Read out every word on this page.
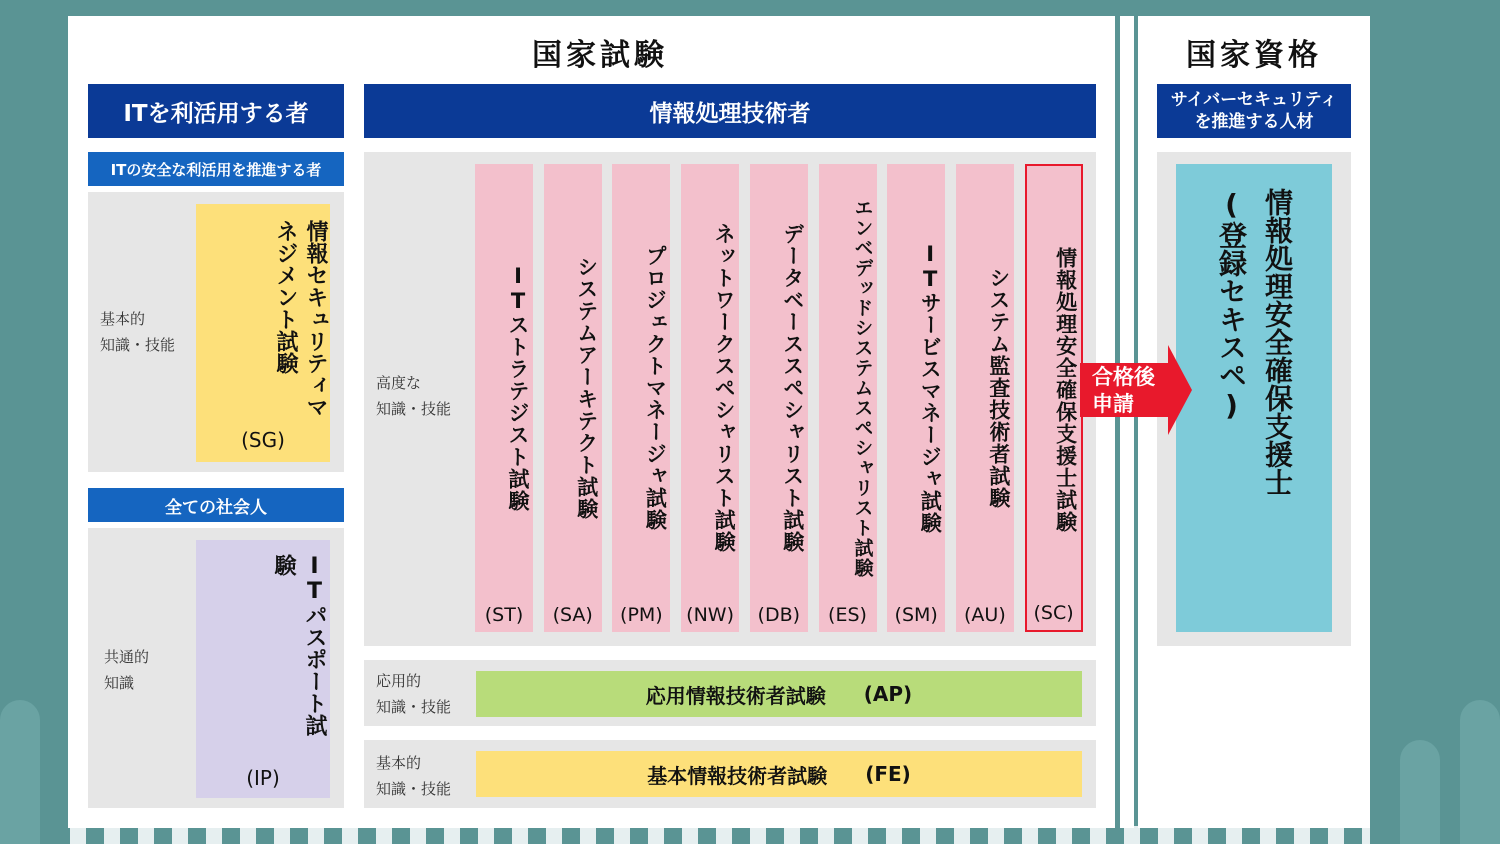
国家試験
ITを利活用する者
ITの安全な利活用を推進する者
基本的
知識・技能	情報セキュリティマネジメント試験
(SG)
全ての社会人
共通的
知識	ITパスポート試験
(IP)
情報処理技術者
高度な
知識・技能	ITストラテジスト試験
(ST)
システムアーキテクト試験
(SA)
プロジェクトマネージャ試験
(PM)
ネットワークスペシャリスト試験
(NW)
データベーススペシャリスト試験
(DB)
エンベデッドシステムスペシャリスト試験
(ES)
ITサービスマネージャ試験
(SM)
システム監査技術者試験
(AU)
情報処理安全確保支援士試験
(SC)
応用的
知識・技能	応用情報技術者試験 (AP)
基本的
知識・技能
基本情報技術者試験 (FE)
国家資格
サイバーセキュリティ
を推進する人材
情報処理安全確保支援士
(登録セキスペ)
合格後
申請
